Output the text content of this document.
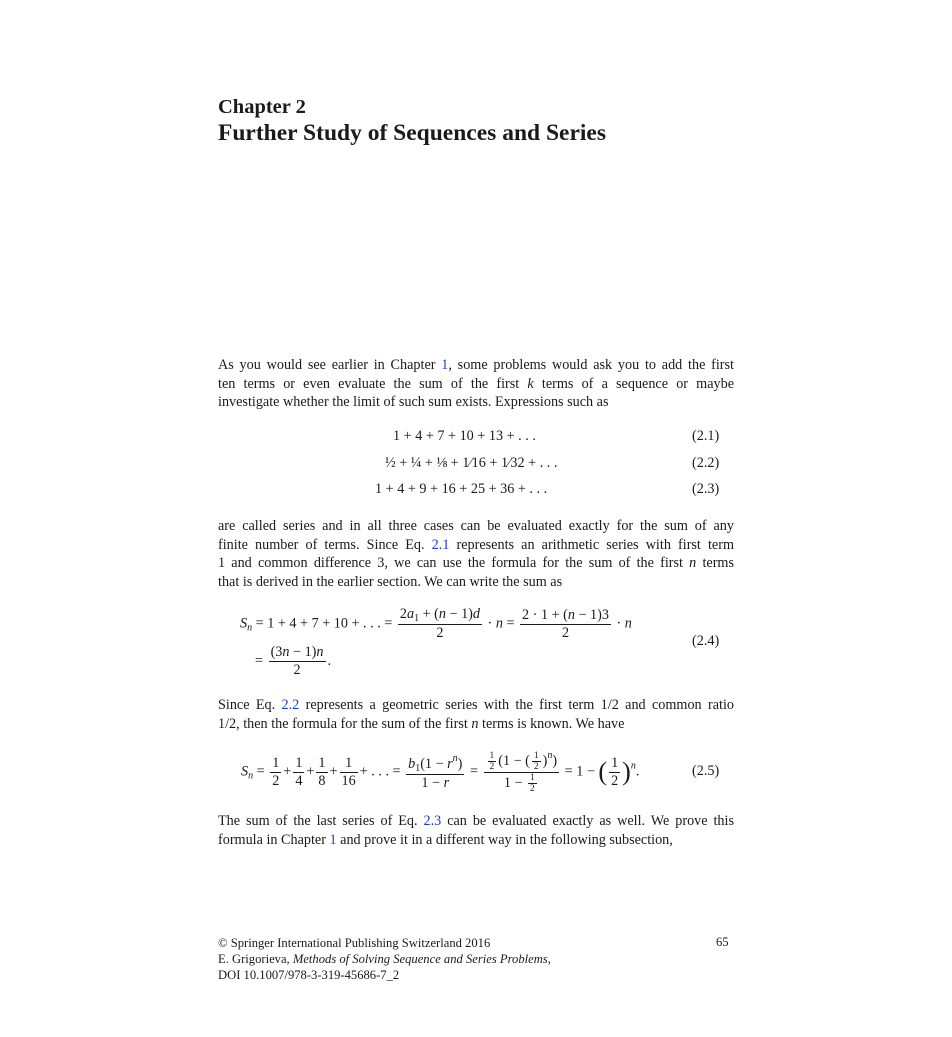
Chapter 2
Further Study of Sequences and Series
As you would see earlier in Chapter 1, some problems would ask you to add the first
ten terms or even evaluate the sum of the first k terms of a sequence or maybe
investigate whether the limit of such sum exists. Expressions such as
1 + 4 + 7 + 10 + 13 + . . .	(2.1)
½ + ¼ + ⅛ + 1⁄16 + 1⁄32 + . . .	(2.2)
1 + 4 + 9 + 16 + 25 + 36 + . . .	(2.3)
are called series and in all three cases can be evaluated exactly for the sum of any
finite number of terms. Since Eq. 2.1 represents an arithmetic series with first term
1 and common difference 3, we can use the formula for the sum of the first n terms
that is derived in the earlier section. We can write the sum as
$S_n = 1 + 4 + 7 + 10$ + . . . = $\frac{2a_1 + (n - 1)d}{2} \cdot n = \frac{2 \cdot 1 + (n - 1)3}{2} \cdot n$
= $\frac{(3n - 1)n}{2}$ .
(2.4)
Since Eq. 2.2 represents a geometric series with the first term 1/2 and common ratio
1/2, then the formula for the sum of the first n terms is known. We have
$S_n = \frac{1}{2} + \frac{1}{4} + \frac{1}{8} + \frac{1}{16}$ + . . . = $\frac{b_1(1 - r^n)}{1 - r} = \frac{\frac{1}{2} (1 - ( \frac{1}{2} )^n)}{1 - \frac{1}{2}} = 1$ − ( $\frac{1}{2} )^n$.	(2.5)
The sum of the last series of Eq. 2.3 can be evaluated exactly as well. We prove this
formula in Chapter 1 and prove it in a different way in the following subsection,
© Springer International Publishing Switzerland 2016
E. Grigorieva, Methods of Solving Sequence and Series Problems,
DOI 10.1007/978-3-319-45686-7_2
65
